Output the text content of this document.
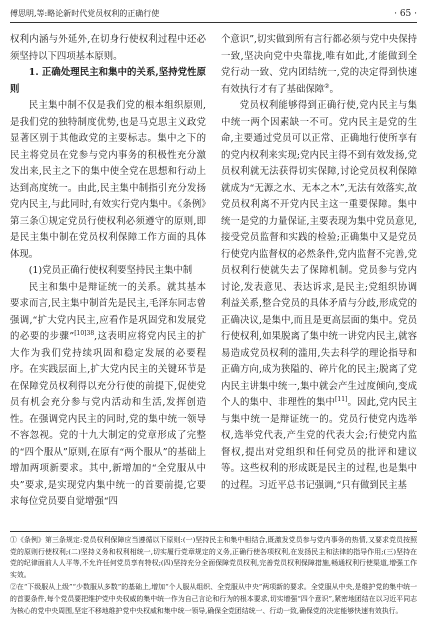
傅思明,等:略论新时代党员权利的正确行使	· 65 ·

权利内涵与外延外,在切身行使权利过程中还必须坚持以下四项基本原则。

1. 正确处理民主和集中的关系,坚持党性原则

民主集中制不仅是我们党的根本组织原则,是我们党的独特制度优势,也是马克思主义政党显著区别于其他政党的主要标志。集中之下的民主将党员在党参与党内事务的积极性充分激发出来,民主之下的集中使全党在思想和行动上达到高度统一。由此,民主集中制指引充分发扬党内民主,与此同时,有效实行党内集中。《条例》第三条①规定党员行使权利必须遵守的原则,即是民主集中制在党员权利保障工作方面的具体体现。

(1)党员正确行使权利要坚持民主集中制

民主和集中是辩证统一的关系。就其基本要求而言,民主集中制首先是民主,毛泽东同志曾强调,“扩大党内民主,应看作是巩固党和发展党的必要的步骤”$^{[10]38}$,这表明应将党内民主的扩大作为我们党持续巩固和稳定发展的必要程序。在实践层面上,扩大党内民主的关键环节是在保障党员权利得以充分行使的前提下,促使党员有机会充分参与党内活动和生活,发挥创造性。在强调党内民主的同时,党的集中统一领导不容忽视。党的十九大制定的党章形成了完整的“四个服从”原则,在原有“两个服从”的基础上增加两项新要求。其中,新增加的“全党服从中央”要求,是实现党内集中统一的首要前提,它要求每位党员要自觉增强“四

个意识”,切实做到所有言行都必须与党中央保持一致,坚决向党中央靠拢,唯有如此,才能做到全党行动一致、党内团结统一,党的决定得到快速有效执行才有了基础保障②。

党员权利能够得到正确行使,党内民主与集中统一两个因素缺一不可。党内民主是党的生命,主要通过党员可以正常、正确地行使所享有的党内权利来实现;党内民主得不到有效发扬,党员权利就无法获得切实保障,讨论党员权利保障就成为“无源之水、无本之木”,无法有效落实,故党员权利离不开党内民主这一重要保障。集中统一是党的力量保证,主要表现为集中党员意见,接受党员监督和实践的检验;正确集中又是党员行使党内监督权的必然条件,党内监督不完善,党员权利行使就失去了保障机制。党员参与党内讨论,发表意见、表达诉求,是民主;党组织协调利益关系,整合党员的具体矛盾与分歧,形成党的正确决议,是集中,而且是更高层面的集中。党员行使权利,如果脱离了集中统一讲党内民主,就容易造成党员权利的滥用,失去科学的理论指导和正确方向,成为狭隘的、碎片化的民主;脱离了党内民主讲集中统一,集中就会产生过度倾向,变成个人的集中、非理性的集中[11]。因此,党内民主与集中统一是辩证统一的。党员行使党内选举权,选举党代表,产生党的代表大会;行使党内监督权,提出对党组织和任何党员的批评和建议等。这些权利的形成既是民主的过程,也是集中的过程。习近平总书记强调,“只有做到民主基

①《条例》第三条规定:党员权利保障应当遵循以下原则:(一)坚持民主和集中相结合,既激发党员参与党内事务的热情,又要求党员按照党的原则行使权利;(二)坚持义务和权利相统一,切实履行党章规定的义务,正确行使各项权利,在发扬民主和法律的指导作用;(三)坚持在党的纪律面前人人平等,不允许任何党员享有特权;(四)坚持充分全面保障党员权利,完善党员权利保障措施,畅通权利行使渠道,增强工作实效。

②在“下级服从上级”“少数服从多数”的基础上,增加“个人服从组织、全党服从中央”两项新的要求。全党服从中央,是维护党的集中统一的首要条件,每个党员要把维护党中央权威的集中统一作为自己言论和行为的根本要求,切实增强“四个意识”,紧密地团结在以习近平同志为核心的党中央周围,坚定不移地维护党中央权威和集中统一领导,确保全党团结统一、行动一致,确保党的决定能够快速有效执行。
